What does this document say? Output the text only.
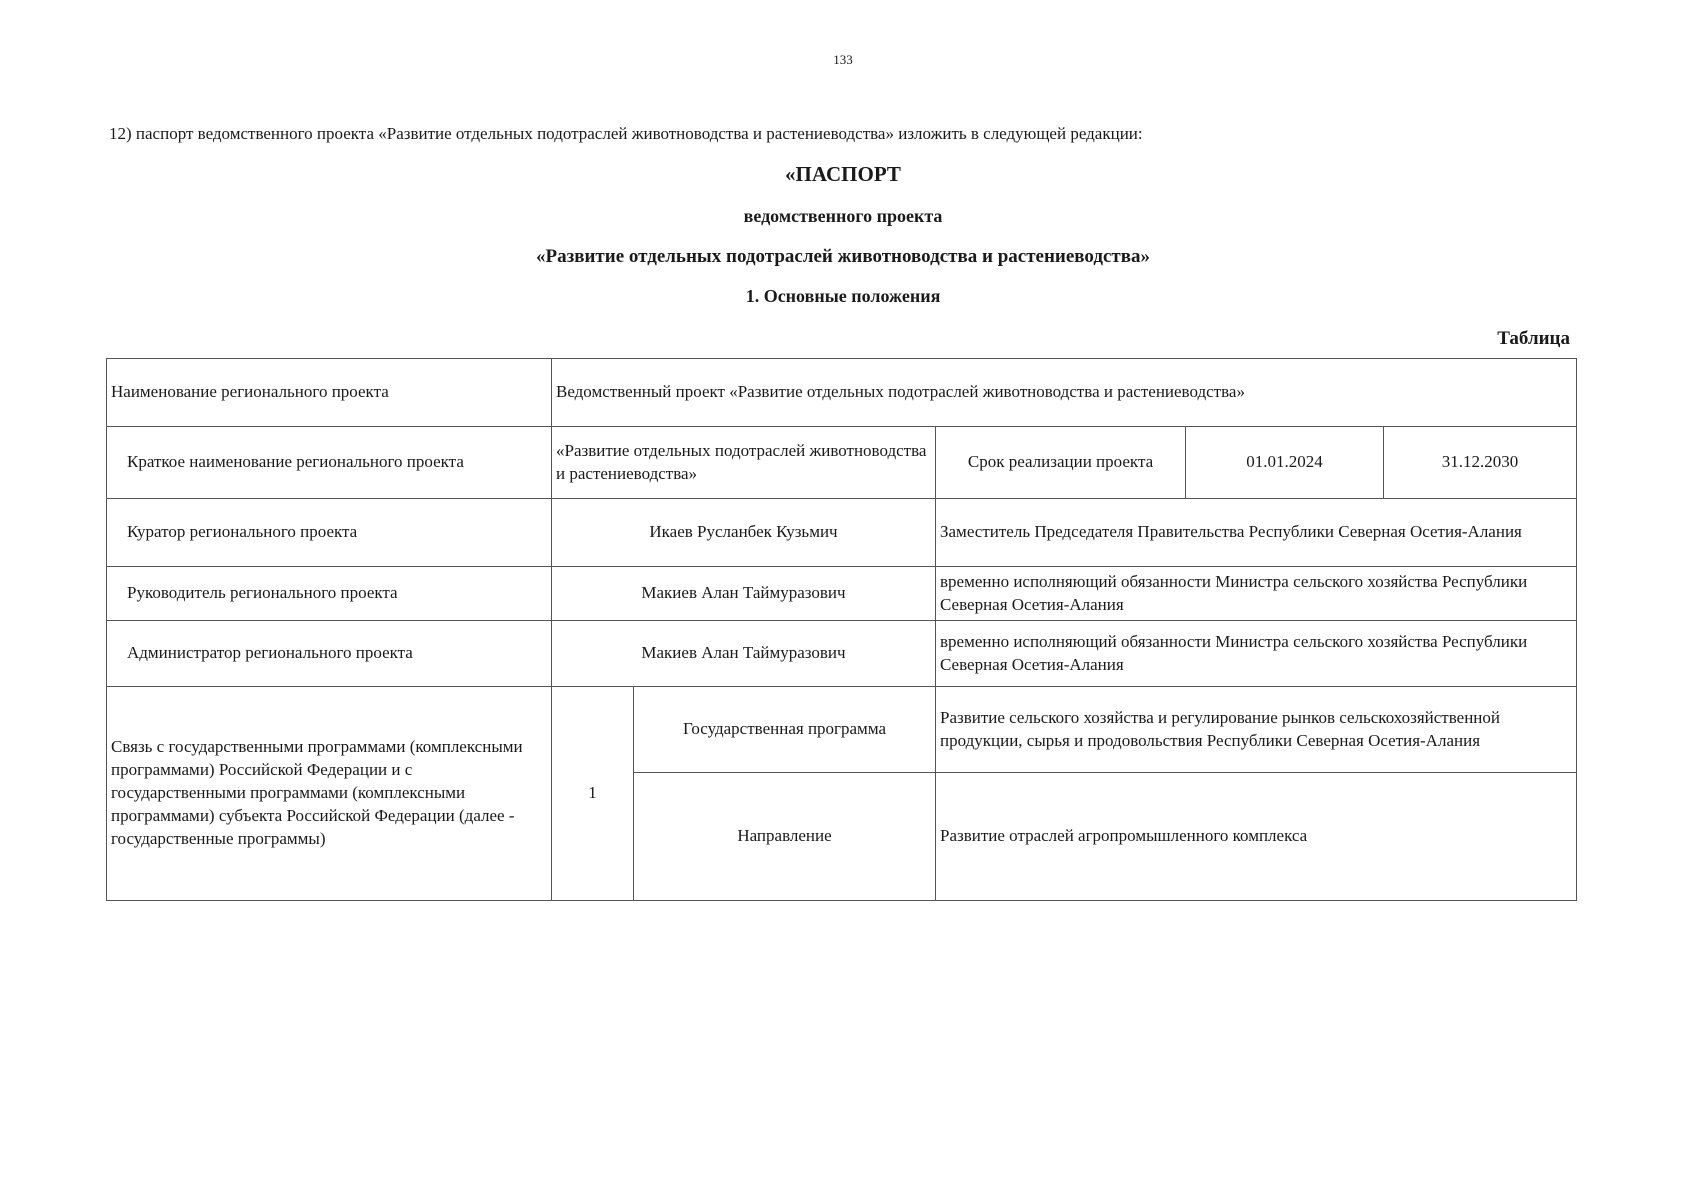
133
12) паспорт ведомственного проекта «Развитие отдельных подотраслей животноводства и растениеводства» изложить в следующей редакции:
«ПАСПОРТ
ведомственного проекта
«Развитие отдельных подотраслей животноводства и растениеводства»
1. Основные положения
Таблица
Наименование регионального проекта	Ведомственный проект «Развитие отдельных подотраслей животноводства и растениеводства»				
Краткое наименование регионального проекта	«Развитие отдельных подотраслей животноводства и растениеводства»		Срок реализации проекта	01.01.2024	31.12.2030
Куратор регионального проекта	Икаев Русланбек Кузьмич		Заместитель Председателя Правительства Республики Северная Осетия-Алания		
Руководитель регионального проекта	Макиев Алан Таймуразович		временно исполняющий обязанности Министра сельского хозяйства Республики Северная Осетия-Алания		
Администратор регионального проекта	Макиев Алан Таймуразович		временно исполняющий обязанности Министра сельского хозяйства Республики Северная Осетия-Алания		
Связь с государственными программами (комплексными программами) Российской Федерации и с государственными программами (комплексными программами) субъекта Российской Федерации (далее - государственные программы)	1	Государственная программа	Развитие сельского хозяйства и регулирование рынков сельскохозяйственной продукции, сырья и продовольствия Республики Северная Осетия-Алания		
		Направление	Развитие отраслей агропромышленного комплекса		
